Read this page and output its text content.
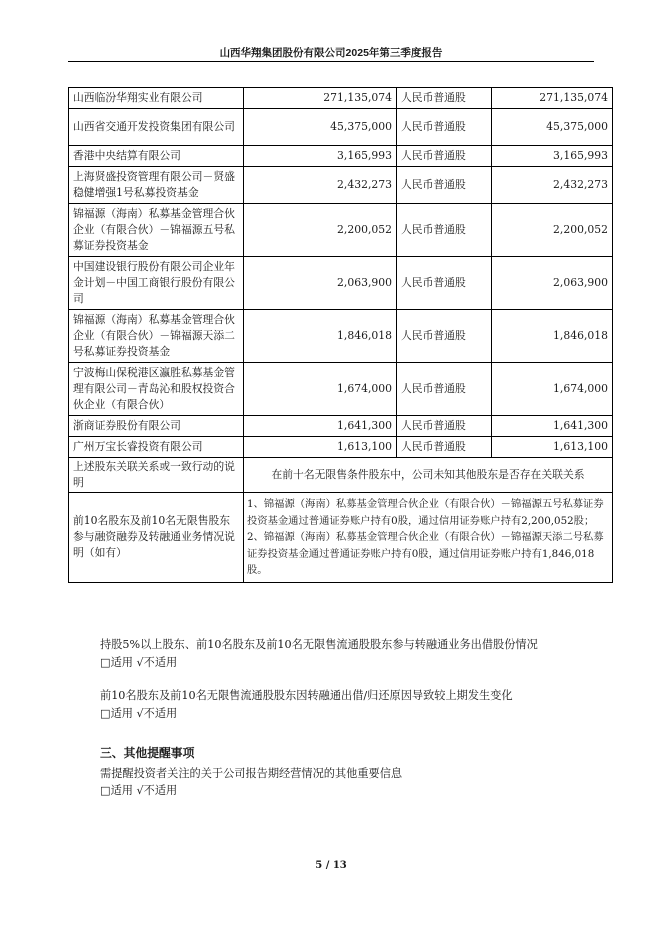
山西华翔集团股份有限公司2025年第三季度报告
山西临汾华翔实业有限公司	271,135,074	人民币普通股	271,135,074
山西省交通开发投资集团有限公司	45,375,000	人民币普通股	45,375,000
香港中央结算有限公司	3,165,993	人民币普通股	3,165,993
上海贤盛投资管理有限公司－贤盛稳健增强1号私募投资基金	2,432,273	人民币普通股	2,432,273
锦福源（海南）私募基金管理合伙企业（有限合伙）－锦福源五号私募证券投资基金	2,200,052	人民币普通股	2,200,052
中国建设银行股份有限公司企业年金计划－中国工商银行股份有限公司	2,063,900	人民币普通股	2,063,900
锦福源（海南）私募基金管理合伙企业（有限合伙）－锦福源天添二号私募证券投资基金	1,846,018	人民币普通股	1,846,018
宁波梅山保税港区瀛胜私募基金管理有限公司－青岛沁和股权投资合伙企业（有限合伙）	1,674,000	人民币普通股	1,674,000
浙商证券股份有限公司	1,641,300	人民币普通股	1,641,300
广州万宝长睿投资有限公司	1,613,100	人民币普通股	1,613,100
上述股东关联关系或一致行动的说明	在前十名无限售条件股东中，公司未知其他股东是否存在关联关系		
前10名股东及前10名无限售股东参与融资融券及转融通业务情况说明（如有）	1、锦福源（海南）私募基金管理合伙企业（有限合伙）－锦福源五号私募证券投资基金通过普通证券账户持有0股，通过信用证券账户持有2,200,052股；
2、锦福源（海南）私募基金管理合伙企业（有限合伙）－锦福源天添二号私募证券投资基金通过普通证券账户持有0股，通过信用证券账户持有1,846,018股。		
持股5%以上股东、前10名股东及前10名无限售流通股股东参与转融通业务出借股份情况
□适用 √不适用
前10名股东及前10名无限售流通股股东因转融通出借/归还原因导致较上期发生变化
□适用 √不适用
三、其他提醒事项
需提醒投资者关注的关于公司报告期经营情况的其他重要信息
□适用 √不适用
5 / 13
